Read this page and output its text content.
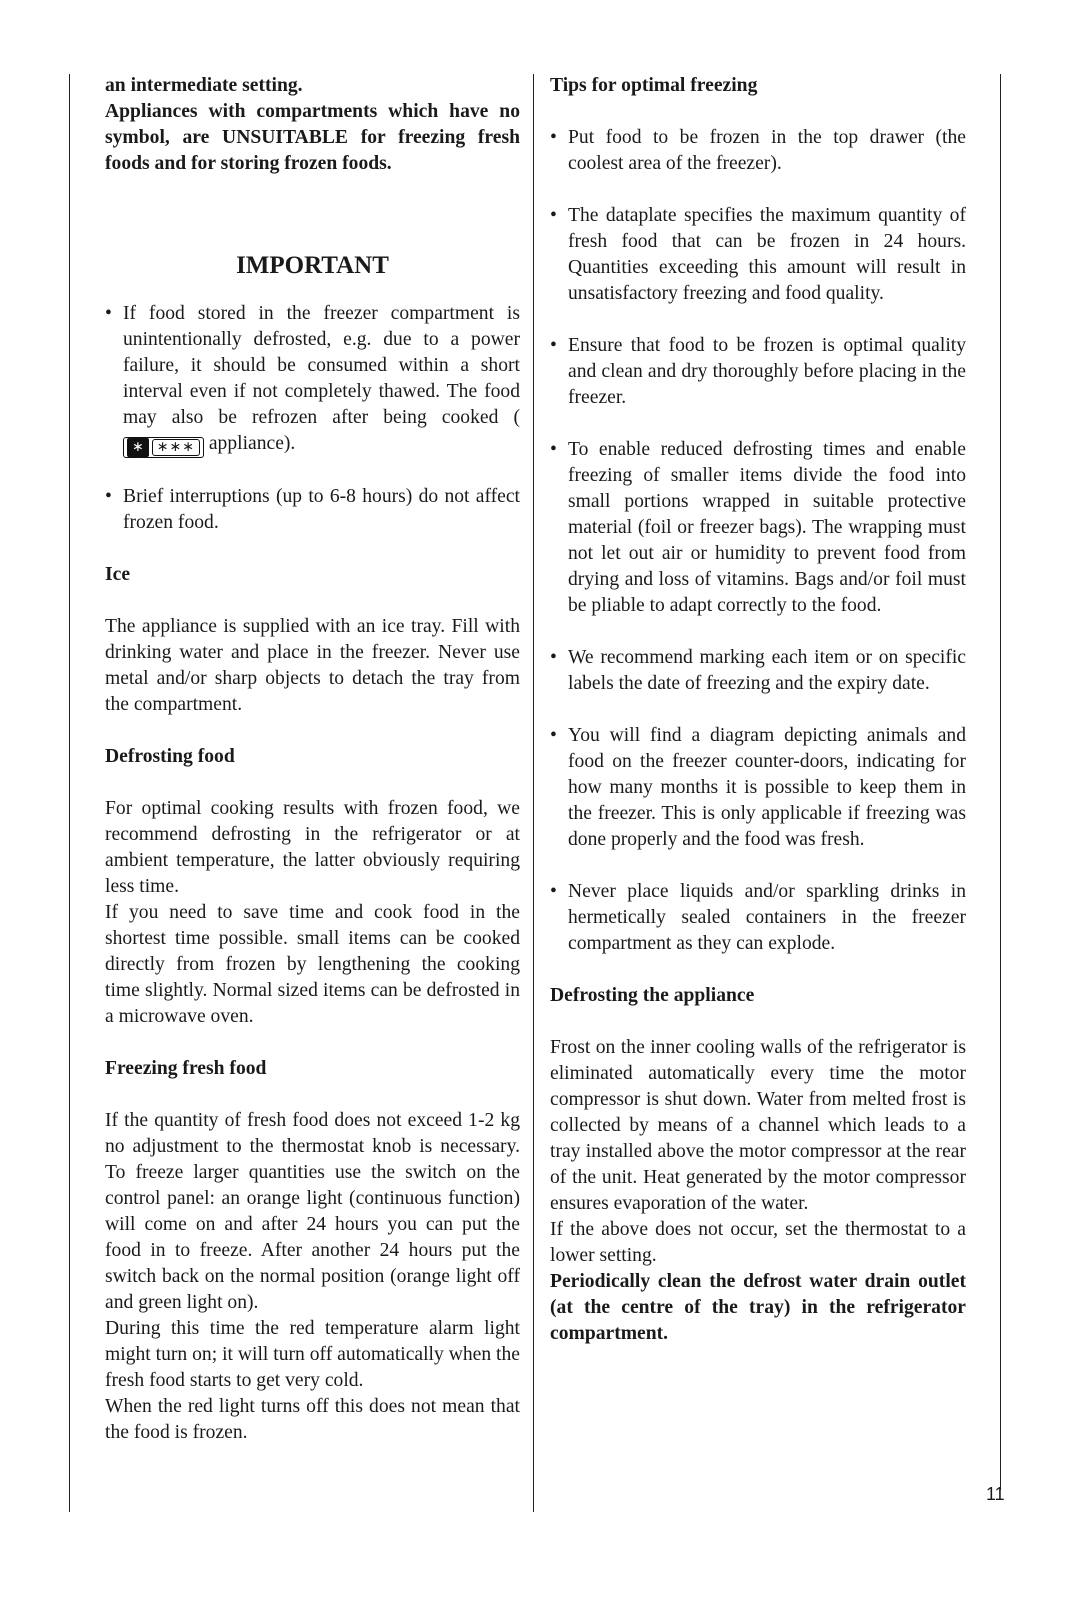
an intermediate setting.

Appliances with compartments which have no symbol, are UNSUITABLE for freezing fresh foods and for storing frozen foods.

IMPORTANT
• If food stored in the freezer compartment is unintentionally defrosted, e.g. due to a power failure, it should be consumed within a short interval even if not completely thawed. The food may also be refrozen after being cooked (
∗ ∗∗∗ appliance).
• Brief interruptions (up to 6-8 hours) do not affect frozen food.

Ice

The appliance is supplied with an ice tray. Fill with drinking water and place in the freezer. Never use metal and/or sharp objects to detach the tray from the compartment.

Defrosting food

For optimal cooking results with frozen food, we recommend defrosting in the refrigerator or at ambient temperature, the latter obviously requiring less time.

If you need to save time and cook food in the shortest time possible. small items can be cooked directly from frozen by lengthening the cooking time slightly. Normal sized items can be defrosted in a microwave oven.

Freezing fresh food

If the quantity of fresh food does not exceed 1-2 kg no adjustment to the thermostat knob is necessary. To freeze larger quantities use the switch on the control panel: an orange light (continuous function) will come on and after 24 hours you can put the food in to freeze. After another 24 hours put the switch back on the normal position (orange light off and green light on).

During this time the red temperature alarm light might turn on; it will turn off automatically when the fresh food starts to get very cold.

When the red light turns off this does not mean that the food is frozen.

Tips for optimal freezing

• Put food to be frozen in the top drawer (the coolest area of the freezer).
• The dataplate specifies the maximum quantity of fresh food that can be frozen in 24 hours. Quantities exceeding this amount will result in unsatisfactory freezing and food quality.
• Ensure that food to be frozen is optimal quality and clean and dry thoroughly before placing in the freezer.
• To enable reduced defrosting times and enable freezing of smaller items divide the food into small portions wrapped in suitable protective material (foil or freezer bags). The wrapping must not let out air or humidity to prevent food from drying and loss of vitamins. Bags and/or foil must be pliable to adapt correctly to the food.
• We recommend marking each item or on specific labels the date of freezing and the expiry date.
• You will find a diagram depicting animals and food on the freezer counter-doors, indicating for how many months it is possible to keep them in the freezer. This is only applicable if freezing was done properly and the food was fresh.
• Never place liquids and/or sparkling drinks in hermetically sealed containers in the freezer compartment as they can explode.

Defrosting the appliance

Frost on the inner cooling walls of the refrigerator is eliminated automatically every time the motor compressor is shut down. Water from melted frost is collected by means of a channel which leads to a tray installed above the motor compressor at the rear of the unit. Heat generated by the motor compressor ensures evaporation of the water.

If the above does not occur, set the thermostat to a lower setting.

Periodically clean the defrost water drain outlet (at the centre of the tray) in the refrigerator compartment.

11
